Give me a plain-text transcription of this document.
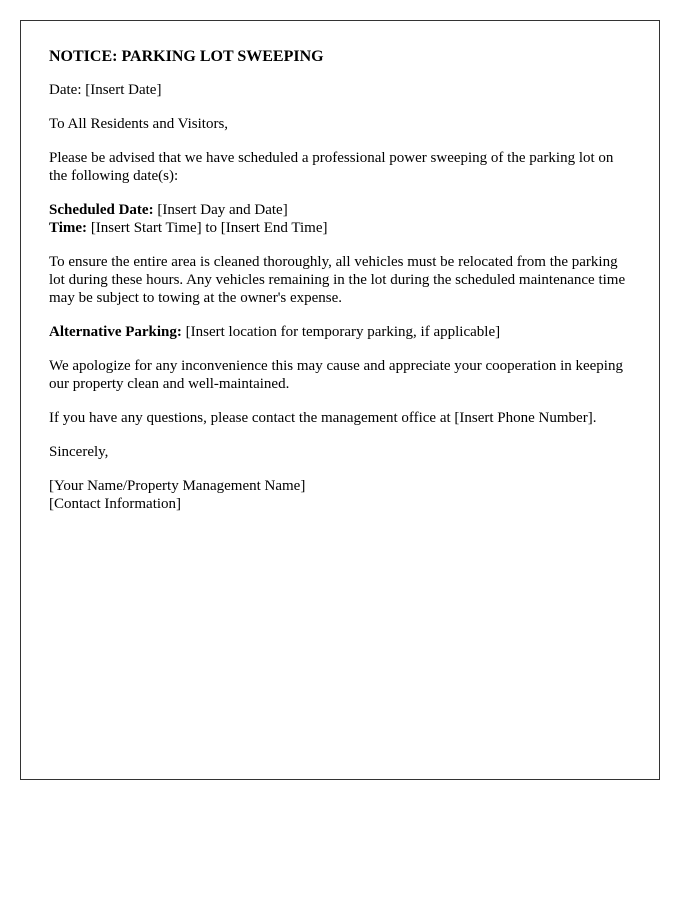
NOTICE: PARKING LOT SWEEPING

Date: [Insert Date]

To All Residents and Visitors,

Please be advised that we have scheduled a professional power sweeping of the parking lot on the following date(s):

Scheduled Date: [Insert Day and Date]

Time: [Insert Start Time] to [Insert End Time]

To ensure the entire area is cleaned thoroughly, all vehicles must be relocated from the parking lot during these hours. Any vehicles remaining in the lot during the scheduled maintenance time may be subject to towing at the owner's expense.

Alternative Parking: [Insert location for temporary parking, if applicable]

We apologize for any inconvenience this may cause and appreciate your cooperation in keeping our property clean and well-maintained.

If you have any questions, please contact the management office at [Insert Phone Number].

Sincerely,

[Your Name/Property Management Name]

[Contact Information]
